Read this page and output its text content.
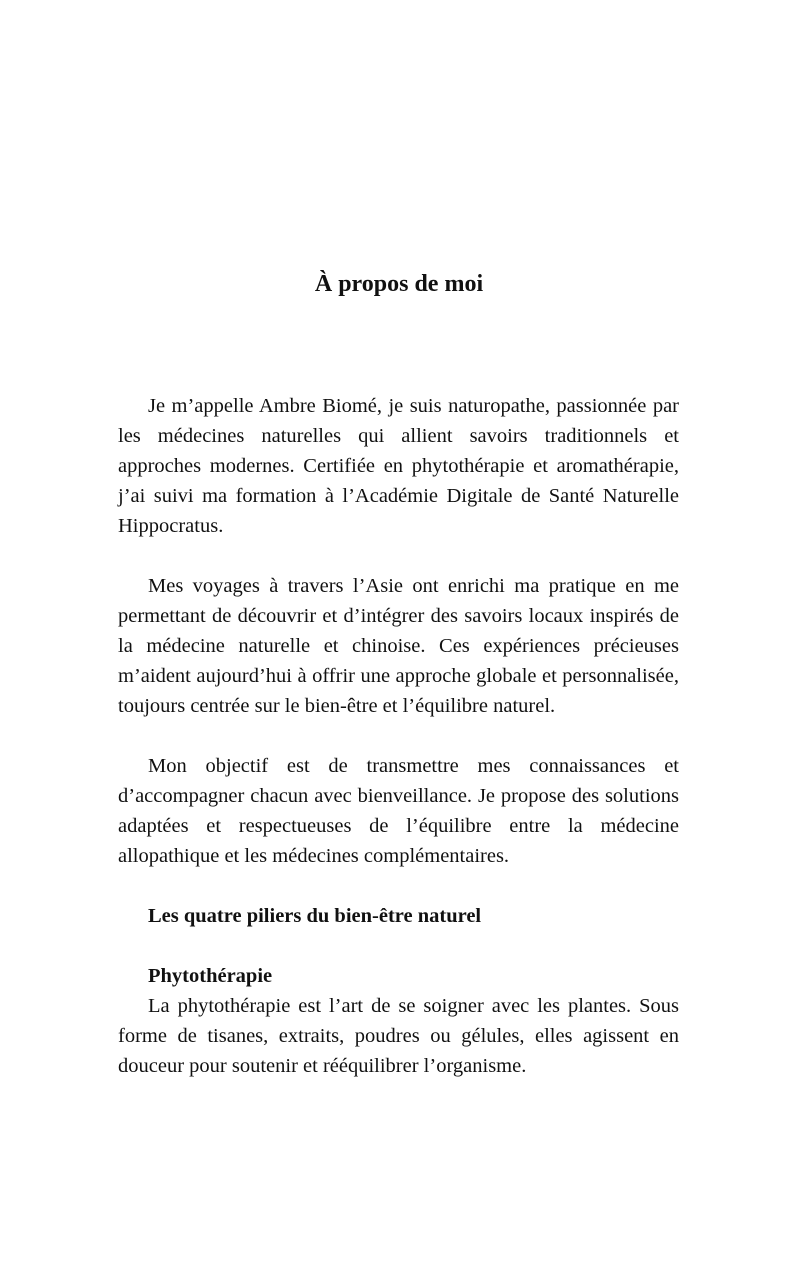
À propos de moi

Je m’appelle Ambre Biomé, je suis naturopathe, passionnée par les médecines naturelles qui allient savoirs traditionnels et approches modernes. Certifiée en phytothérapie et aromathérapie, j’ai suivi ma formation à l’Académie Digitale de Santé Naturelle Hippocratus.

Mes voyages à travers l’Asie ont enrichi ma pratique en me permettant de découvrir et d’intégrer des savoirs locaux inspirés de la médecine naturelle et chinoise. Ces expériences précieuses m’aident aujourd’hui à offrir une approche globale et personnalisée, toujours centrée sur le bien-être et l’équilibre naturel.

Mon objectif est de transmettre mes connaissances et d’accompagner chacun avec bienveillance. Je propose des solutions adaptées et respectueuses de l’équilibre entre la médecine allopathique et les médecines complémentaires.

Les quatre piliers du bien-être naturel

Phytothérapie

La phytothérapie est l’art de se soigner avec les plantes. Sous forme de tisanes, extraits, poudres ou gélules, elles agissent en douceur pour soutenir et rééquilibrer l’organisme.
